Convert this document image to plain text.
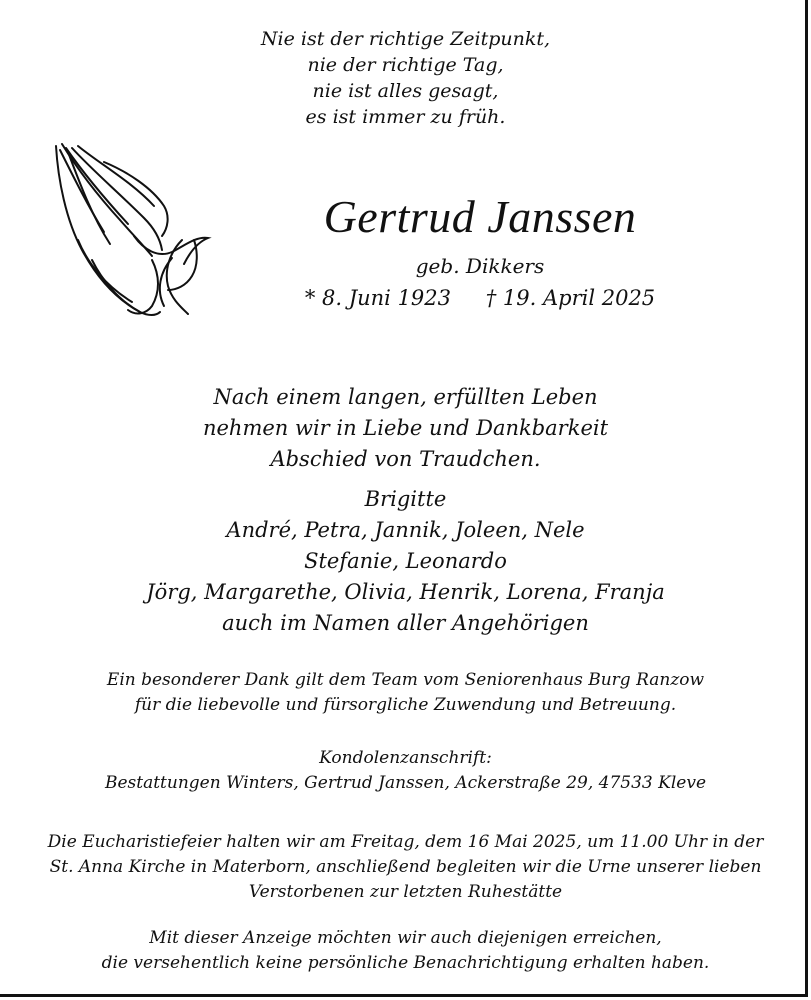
Nie ist der richtige Zeitpunkt,
nie der richtige Tag,
nie ist alles gesagt,
es ist immer zu früh.
Gertrud Janssen
geb. Dikkers
* 8. Juni 1923 † 19. April 2025
Nach einem langen, erfüllten Leben
nehmen wir in Liebe und Dankbarkeit
Abschied von Traudchen.
Brigitte
André, Petra, Jannik, Joleen, Nele
Stefanie, Leonardo
Jörg, Margarethe, Olivia, Henrik, Lorena, Franja
auch im Namen aller Angehörigen
Ein besonderer Dank gilt dem Team vom Seniorenhaus Burg Ranzow
für die liebevolle und fürsorgliche Zuwendung und Betreuung.
Kondolenzanschrift:
Bestattungen Winters, Gertrud Janssen, Ackerstraße 29, 47533 Kleve
Die Eucharistiefeier halten wir am Freitag, dem 16 Mai 2025, um 11.00 Uhr in der
St. Anna Kirche in Materborn, anschließend begleiten wir die Urne unserer lieben
Verstorbenen zur letzten Ruhestätte
Mit dieser Anzeige möchten wir auch diejenigen erreichen,
die versehentlich keine persönliche Benachrichtigung erhalten haben.
